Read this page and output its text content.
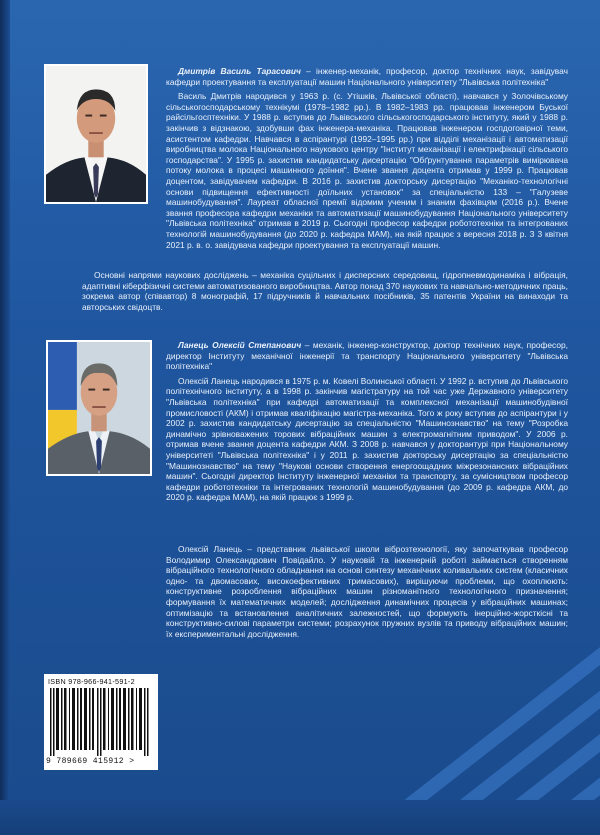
Дмитрів Василь Тарасович – інженер-механік, професор, доктор технічних наук, завідувач кафедри проектування та експлуатації машин Національного університету "Львівська політехніка"

Василь Дмитрів народився у 1963 р. (с. Утішків, Львівської області), навчався у Золочівському сільськогосподарському технікумі (1978–1982 рр.). В 1982–1983 рр. працював інженером Буської райсільгосптехніки. У 1988 р. вступив до Львівського сільськогосподарського інституту, який у 1988 р. закінчив з відзнакою, здобувши фах інженера-механіка. Працював інженером госпдоговірної теми, асистентом кафедри. Навчався в аспірантурі (1992–1995 рр.) при відділі механізації і автоматизації виробництва молока Національного наукового центру "Інститут механізації і електрифікації сільського господарства". У 1995 р. захистив кандидатську дисертацію "Обґрунтування параметрів вимірювача потоку молока в процесі машинного доїння". Вчене звання доцента отримав у 1999 р. Працював доцентом, завідувачем кафедри. В 2016 р. захистив докторську дисертацію "Механіко-технологічні основи підвищення ефективності доїльних установок" за спеціальністю 133 – "Галузеве машинобудування". Лауреат обласної премії відомим ученим і знаним фахівцям (2016 р.). Вчене звання професора кафедри механіки та автоматизації машинобудування Національного університету "Львівська політехніка" отримав в 2019 р. Сьогодні професор кафедри робототехніки та інтегрованих технологій машинобудування (до 2020 р. кафедра МАМ), на якій працює з вересня 2018 р. З 3 квітня 2021 р. в. о. завідувача кафедри проектування та експлуатації машин.

Основні напрями наукових досліджень – механіка суцільних і дисперсних середовищ, гідропневмодинаміка і вібрація, адаптивні кіберфізичні системи автоматизованого виробництва. Автор понад 370 наукових та навчально-методичних праць, зокрема автор (співавтор) 8 монографій, 17 підручників й навчальних посібників, 35 патентів України на винаходи та авторських свідоцтв.

Ланець Олексій Степанович – механік, інженер-конструктор, доктор технічних наук, професор, директор Інституту механічної інженерії та транспорту Національного університету "Львівська політехніка"

Олексій Ланець народився в 1975 р. м. Ковелі Волинської області. У 1992 р. вступив до Львівського політехнічного інституту, а в 1998 р. закінчив магістратуру на той час уже Державного університету "Львівська політехніка" при кафедрі автоматизації та комплексної механізації машинобудівної промисловості (АКМ) і отримав кваліфікацію магістра-механіка. Того ж року вступив до аспірантури і у 2002 р. захистив кандидатську дисертацію за спеціальністю "Машинознавство" на тему "Розробка динамічно зрівноважених торових вібраційних машин з електромагнітним приводом". У 2006 р. отримав вчене звання доцента кафедри АКМ. З 2008 р. навчався у докторантурі при Національному університеті "Львівська політехніка" і у 2011 р. захистив докторську дисертацію за спеціальністю "Машинознавство" на тему "Наукові основи створення енергоощадних міжрезонансних вібраційних машин". Сьогодні директор Інституту інженерної механіки та транспорту, за сумісництвом професор кафедри робототехніки та інтегрованих технологій машинобудування (до 2009 р. кафедра АКМ, до 2020 р. кафедра МАМ), на якій працює з 1999 р.

Олексій Ланець – представник львівської школи віброзтехнології, яку започаткував професор Володимир Олександрович Повідайло. У науковій та інженерній роботі займається створенням вібраційного технологічного обладнання на основі синтезу механічних коливальних систем (класичних одно- та двомасових, високоефективних тримасових), вирішуючи проблеми, що охоплюють: конструктивне розроблення вібраційних машин різноманітного технологічного призначення; формування їх математичних моделей; дослідження динамічних процесів у вібраційних машинах; оптимізацію та встановлення аналітичних залежностей, що формують інерційно-жорсткісні та конструктивно-силові параметри системи; розрахунок пружних вузлів та приводу вібраційних машин; їх експериментальні дослідження.

ISBN 978-966-941-591-2
9 789669 415912 >
